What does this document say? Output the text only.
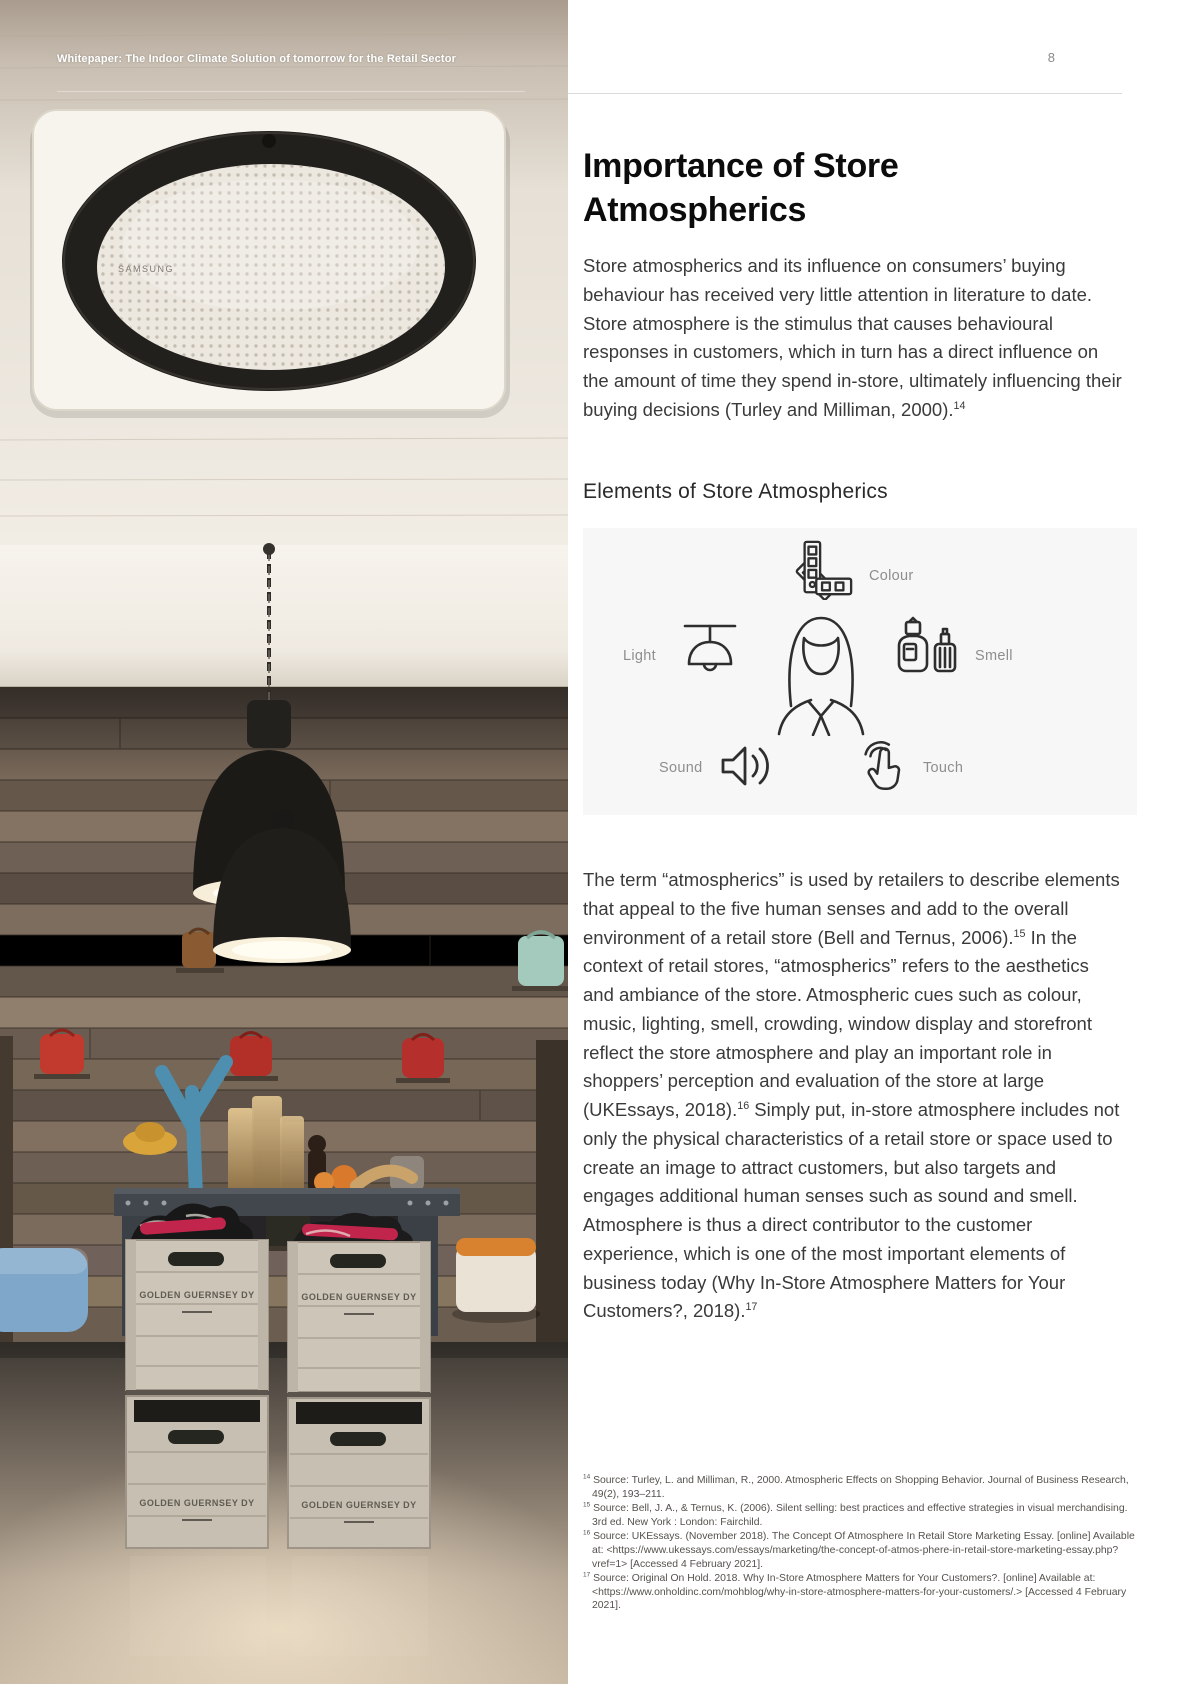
SAMSUNG
GOLDEN GUERNSEY DY
GOLDEN GUERNSEY DY
GOLDEN GUERNSEY DY
GOLDEN GUERNSEY DY
Whitepaper: The Indoor Climate Solution of tomorrow for the Retail Sector	8
Importance of Store Atmospherics

Store atmospherics and its influence on consumers’ buying behaviour has received very little attention in literature to date. Store atmosphere is the stimulus that causes behavioural responses in customers, which in turn has a direct influence on the amount of time they spend in-store, ultimately influencing their buying decisions (Turley and Milliman, 2000).$^{14}$

Elements of Store Atmospherics
Colour
Light	Smell
Sound	Touch

The term “atmospherics” is used by retailers to describe elements that appeal to the five human senses and add to the overall environment of a retail store (Bell and Ternus, 2006).$^{15}$ In the context of retail stores, “atmospherics” refers to the aesthetics and ambiance of the store. Atmospheric cues such as colour, music, lighting, smell, crowding, window display and storefront reflect the store atmosphere and play an important role in shoppers’ perception and evaluation of the store at large (UKEssays, 2018).$^{16}$ Simply put, in-store atmosphere includes not only the physical characteristics of a retail store or space used to create an image to attract customers, but also targets and engages additional human senses such as sound and smell. Atmosphere is thus a direct contributor to the customer experience, which is one of the most important elements of business today (Why In-Store Atmosphere Matters for Your Customers?, 2018).$^{17}$

$^{14}$ Source: Turley, L. and Milliman, R., 2000. Atmospheric Effects on Shopping Behavior. Journal of Business Research, 49(2), 193–211.
$^{15}$ Source: Bell, J. A., & Ternus, K. (2006). Silent selling: best practices and effective strategies in visual merchandising. 3rd ed. New York : London: Fairchild.
$^{16}$ Source: UKEssays. (November 2018). The Concept Of Atmosphere In Retail Store Marketing Essay. [online] Available at: <https://www.ukessays.com/essays/marketing/the-concept-of-atmos-phere-in-retail-store-marketing-essay.php?vref=1> [Accessed 4 February 2021].
$^{17}$ Source: Original On Hold. 2018. Why In-Store Atmosphere Matters for Your Customers?. [online] Available at: <https://www.onholdinc.com/mohblog/why-in-store-atmosphere-matters-for-your-customers/.> [Accessed 4 February 2021].
